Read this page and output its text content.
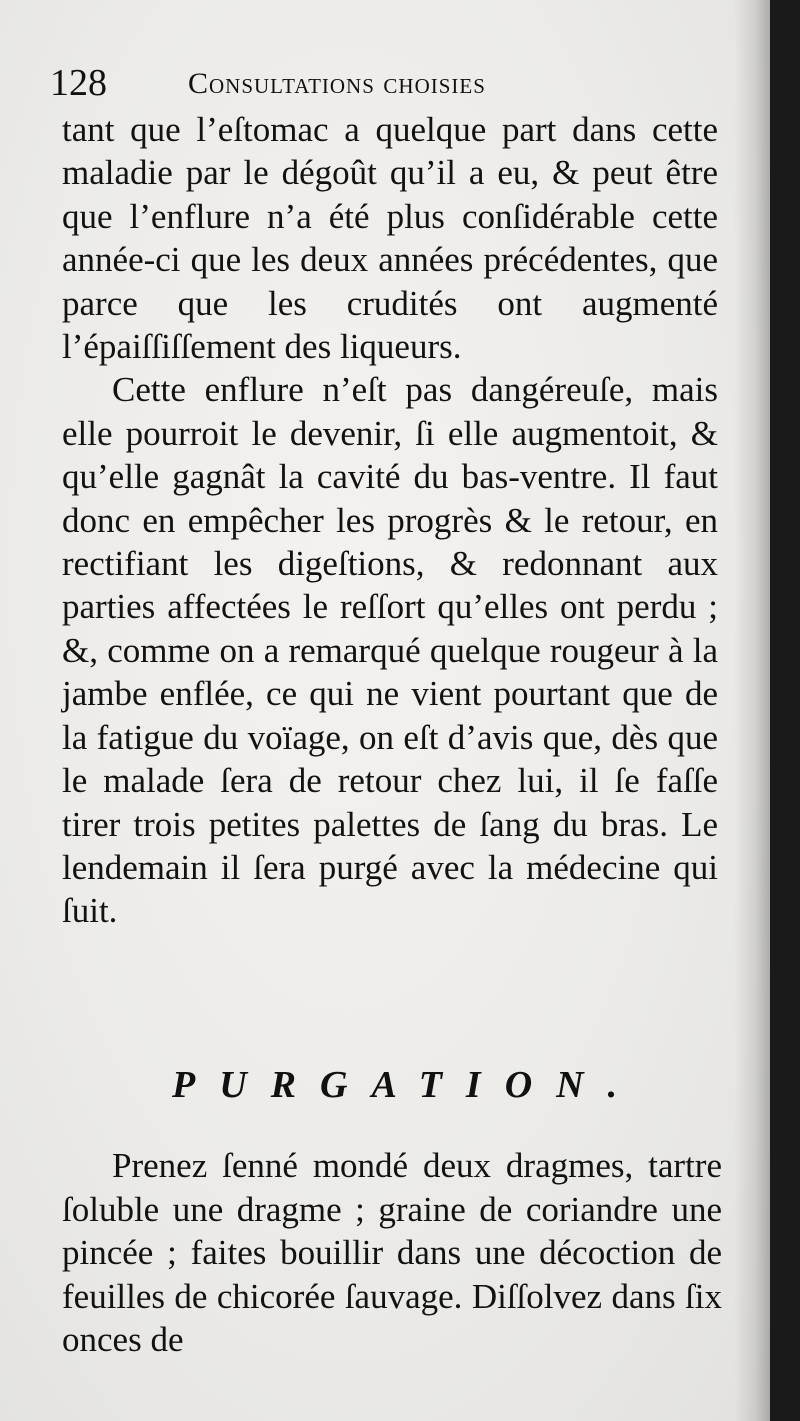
128	Consultations choisies

tant que l’eſtomac a quelque part dans cette maladie par le dégoût qu’il a eu, & peut être que l’enflure n’a été plus conſidérable cette année-ci que les deux années précédentes, que parce que les crudités ont augmenté l’épaiſſiſſement des liqueurs.

Cette enflure n’eſt pas dangéreuſe, mais elle pourroit le devenir, ſi elle augmentoit, & qu’elle gagnât la cavité du bas-ventre. Il faut donc en empêcher les progrès & le retour, en rectifiant les digeſtions, & redonnant aux parties affectées le reſſort qu’elles ont perdu ; &, comme on a remarqué quelque rougeur à la jambe enflée, ce qui ne vient pourtant que de la fatigue du voïage, on eſt d’avis que, dès que le malade ſera de retour chez lui, il ſe faſſe tirer trois petites palettes de ſang du bras. Le lendemain il ſera purgé avec la médecine qui ſuit.

PURGATION.

Prenez ſenné mondé deux dragmes, tartre ſoluble une dragme ; graine de coriandre une pincée ; faites bouillir dans une décoction de feuilles de chicorée ſauvage. Diſſolvez dans ſix onces de
